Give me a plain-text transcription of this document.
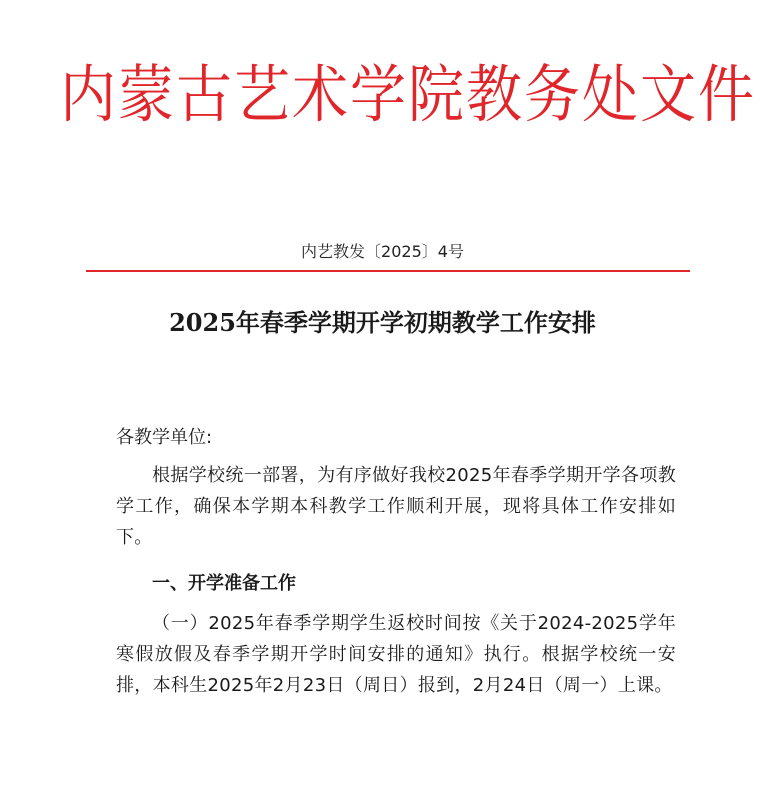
内蒙古艺术学院教务处文件
内艺教发〔2025〕4号
2025年春季学期开学初期教学工作安排
各教学单位:
根据学校统一部署，为有序做好我校2025年春季学期开学各项教学工作，确保本学期本科教学工作顺利开展，现将具体工作安排如下。
一、开学准备工作
（一）2025年春季学期学生返校时间按《关于2024-2025学年寒假放假及春季学期开学时间安排的通知》执行。根据学校统一安排，本科生2025年2月23日（周日）报到，2月24日（周一）上课。
